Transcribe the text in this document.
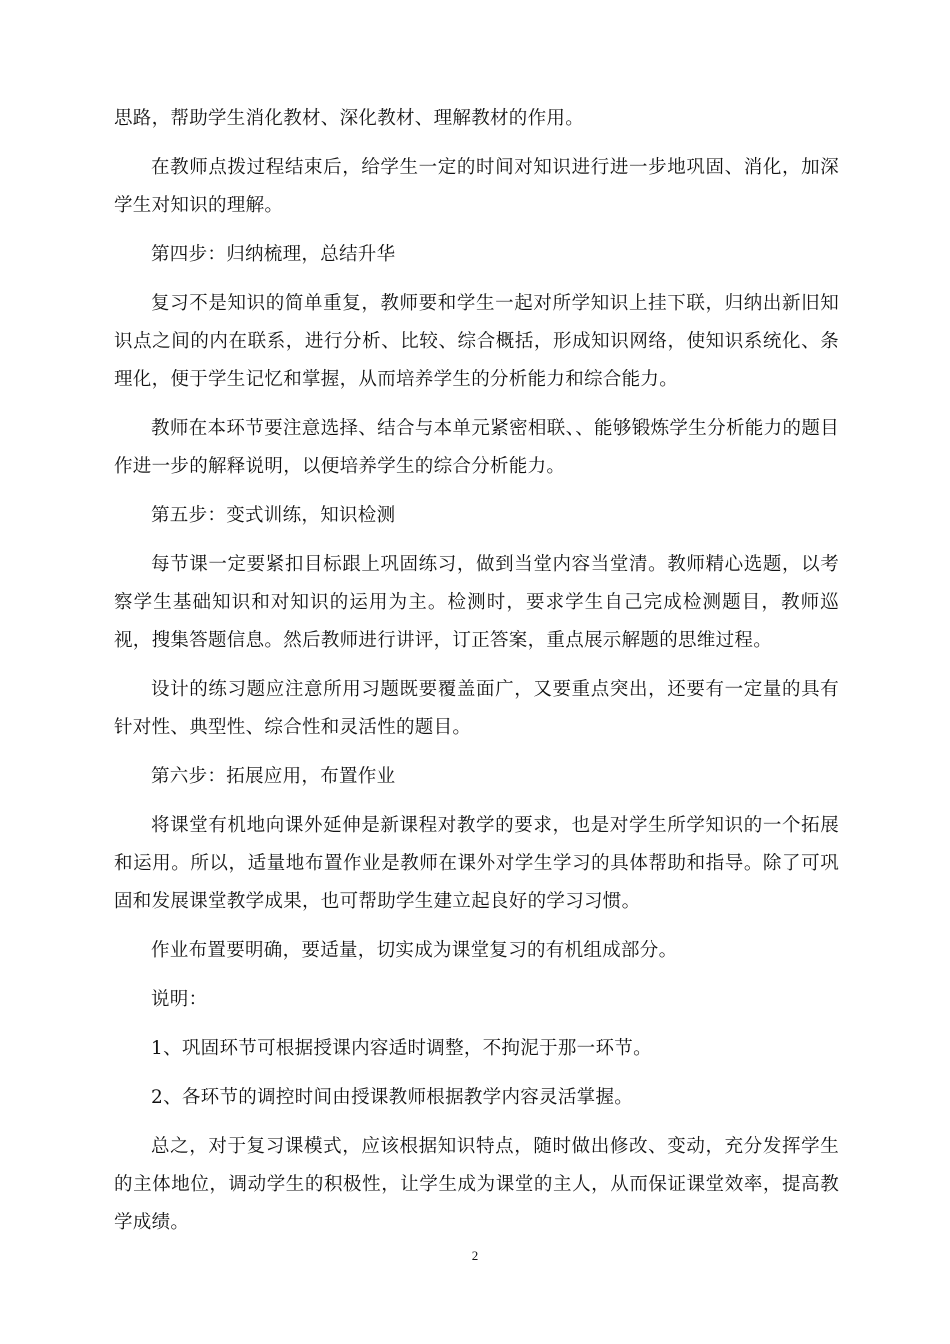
思路，帮助学生消化教材、深化教材、理解教材的作用。

在教师点拨过程结束后，给学生一定的时间对知识进行进一步地巩固、消化，加深学生对知识的理解。

第四步：归纳梳理，总结升华

复习不是知识的简单重复，教师要和学生一起对所学知识上挂下联，归纳出新旧知识点之间的内在联系，进行分析、比较、综合概括，形成知识网络，使知识系统化、条理化，便于学生记忆和掌握，从而培养学生的分析能力和综合能力。

教师在本环节要注意选择、结合与本单元紧密相联、、能够锻炼学生分析能力的题目作进一步的解释说明，以便培养学生的综合分析能力。

第五步：变式训练，知识检测

每节课一定要紧扣目标跟上巩固练习，做到当堂内容当堂清。教师精心选题，以考察学生基础知识和对知识的运用为主。检测时，要求学生自己完成检测题目，教师巡视，搜集答题信息。然后教师进行讲评，订正答案，重点展示解题的思维过程。

设计的练习题应注意所用习题既要覆盖面广，又要重点突出，还要有一定量的具有针对性、典型性、综合性和灵活性的题目。

第六步：拓展应用，布置作业

将课堂有机地向课外延伸是新课程对教学的要求，也是对学生所学知识的一个拓展和运用。所以，适量地布置作业是教师在课外对学生学习的具体帮助和指导。除了可巩固和发展课堂教学成果，也可帮助学生建立起良好的学习习惯。

作业布置要明确，要适量，切实成为课堂复习的有机组成部分。

说明：

1、巩固环节可根据授课内容适时调整，不拘泥于那一环节。

2、各环节的调控时间由授课教师根据教学内容灵活掌握。

总之，对于复习课模式，应该根据知识特点，随时做出修改、变动，充分发挥学生的主体地位，调动学生的积极性，让学生成为课堂的主人，从而保证课堂效率，提高教学成绩。

2
